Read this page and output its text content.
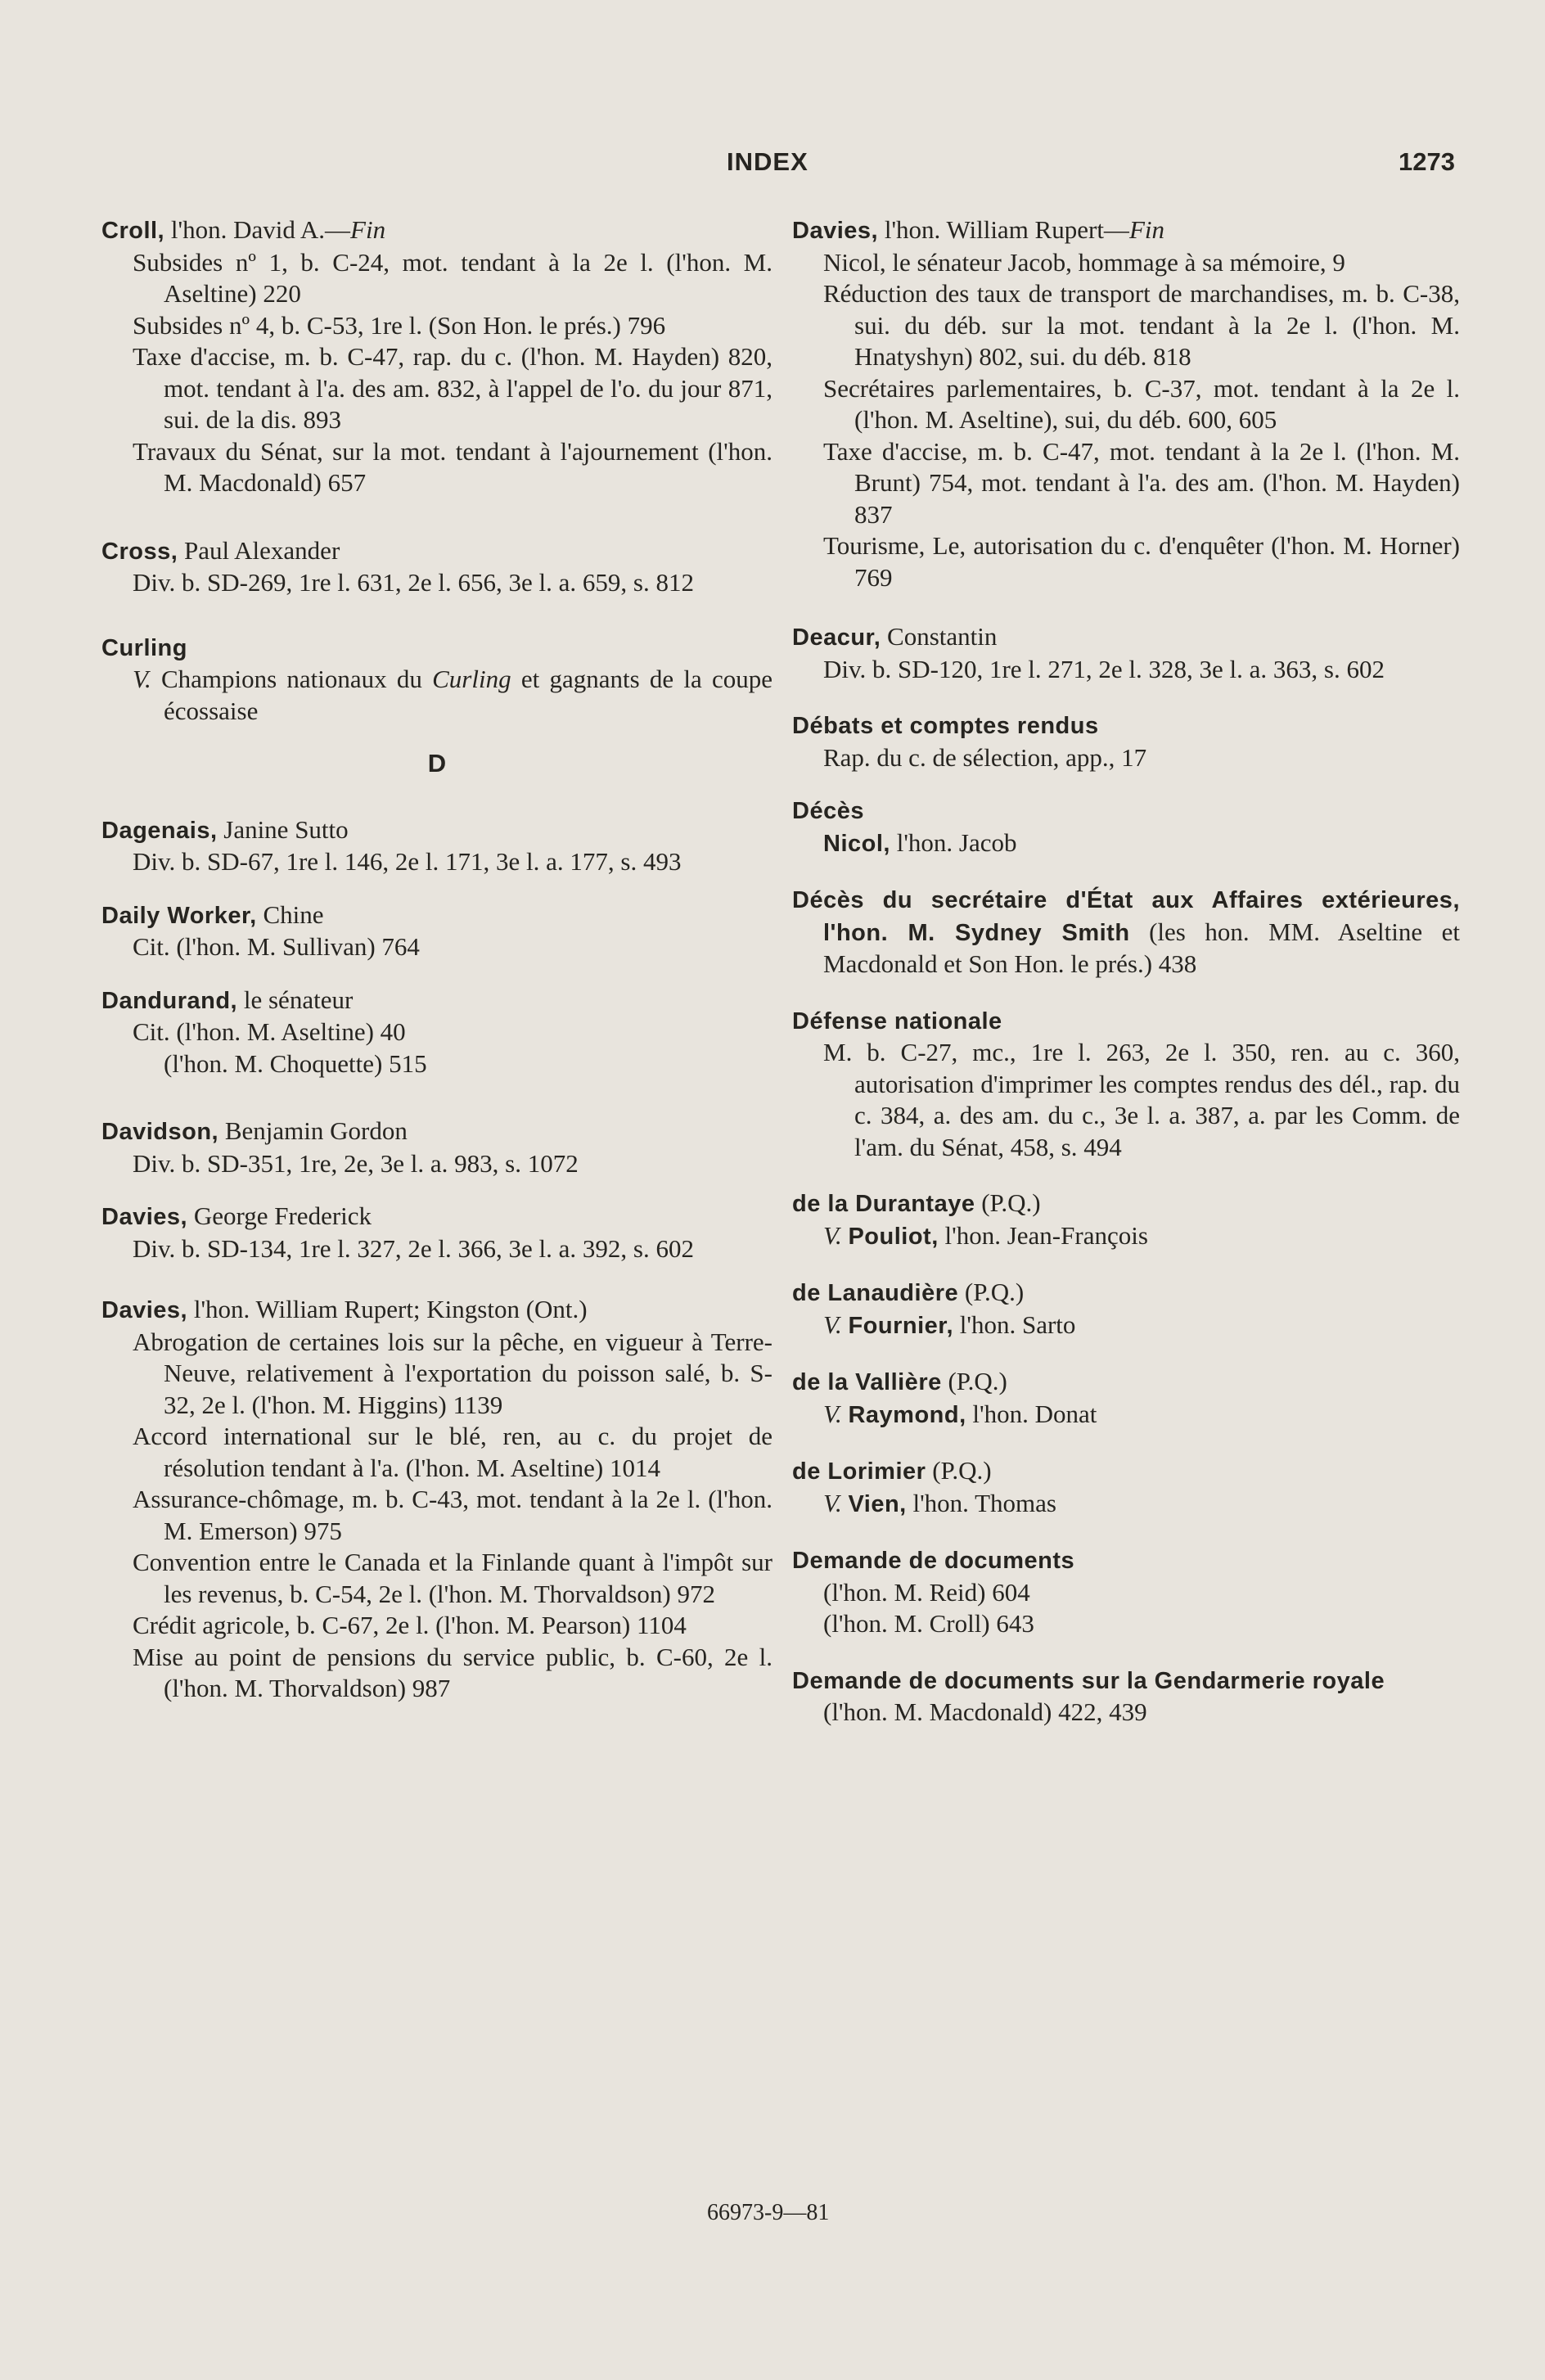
INDEX	1273
Croll, l'hon. David A.—Fin

Subsides nº 1, b. C-24, mot. tendant à la 2e l. (l'hon. M. Aseltine) 220

Subsides nº 4, b. C-53, 1re l. (Son Hon. le prés.) 796

Taxe d'accise, m. b. C-47, rap. du c. (l'hon. M. Hayden) 820, mot. tendant à l'a. des am. 832, à l'appel de l'o. du jour 871, sui. de la dis. 893

Travaux du Sénat, sur la mot. tendant à l'ajournement (l'hon. M. Macdonald) 657

Cross, Paul Alexander

Div. b. SD-269, 1re l. 631, 2e l. 656, 3e l. a. 659, s. 812

Curling

V. Champions nationaux du Curling et gagnants de la coupe écossaise

D
Dagenais, Janine Sutto

Div. b. SD-67, 1re l. 146, 2e l. 171, 3e l. a. 177, s. 493

Daily Worker, Chine

Cit. (l'hon. M. Sullivan) 764

Dandurand, le sénateur

Cit. (l'hon. M. Aseltine) 40

(l'hon. M. Choquette) 515

Davidson, Benjamin Gordon

Div. b. SD-351, 1re, 2e, 3e l. a. 983, s. 1072

Davies, George Frederick

Div. b. SD-134, 1re l. 327, 2e l. 366, 3e l. a. 392, s. 602

Davies, l'hon. William Rupert; Kingston (Ont.)

Abrogation de certaines lois sur la pêche, en vigueur à Terre-Neuve, relativement à l'exportation du poisson salé, b. S-32, 2e l. (l'hon. M. Higgins) 1139

Accord international sur le blé, ren, au c. du projet de résolution tendant à l'a. (l'hon. M. Aseltine) 1014

Assurance-chômage, m. b. C-43, mot. tendant à la 2e l. (l'hon. M. Emerson) 975

Convention entre le Canada et la Finlande quant à l'impôt sur les revenus, b. C-54, 2e l. (l'hon. M. Thorvaldson) 972

Crédit agricole, b. C-67, 2e l. (l'hon. M. Pearson) 1104

Mise au point de pensions du service public, b. C-60, 2e l. (l'hon. M. Thorvaldson) 987

Davies, l'hon. William Rupert—Fin

Nicol, le sénateur Jacob, hommage à sa mémoire, 9

Réduction des taux de transport de marchandises, m. b. C-38, sui. du déb. sur la mot. tendant à la 2e l. (l'hon. M. Hnatyshyn) 802, sui. du déb. 818

Secrétaires parlementaires, b. C-37, mot. tendant à la 2e l. (l'hon. M. Aseltine), sui, du déb. 600, 605

Taxe d'accise, m. b. C-47, mot. tendant à la 2e l. (l'hon. M. Brunt) 754, mot. tendant à l'a. des am. (l'hon. M. Hayden) 837

Tourisme, Le, autorisation du c. d'enquêter (l'hon. M. Horner) 769

Deacur, Constantin

Div. b. SD-120, 1re l. 271, 2e l. 328, 3e l. a. 363, s. 602

Débats et comptes rendus

Rap. du c. de sélection, app., 17

Décès

Nicol, l'hon. Jacob

Décès du secrétaire d'État aux Affaires extérieures, l'hon. M. Sydney Smith (les hon. MM. Aseltine et Macdonald et Son Hon. le prés.) 438

Défense nationale

M. b. C-27, mc., 1re l. 263, 2e l. 350, ren. au c. 360, autorisation d'imprimer les comptes rendus des dél., rap. du c. 384, a. des am. du c., 3e l. a. 387, a. par les Comm. de l'am. du Sénat, 458, s. 494

de la Durantaye (P.Q.)

V. Pouliot, l'hon. Jean-François

de Lanaudière (P.Q.)

V. Fournier, l'hon. Sarto

de la Vallière (P.Q.)

V. Raymond, l'hon. Donat

de Lorimier (P.Q.)

V. Vien, l'hon. Thomas

Demande de documents

(l'hon. M. Reid) 604

(l'hon. M. Croll) 643

Demande de documents sur la Gendarmerie royale

(l'hon. M. Macdonald) 422, 439

66973-9—81
